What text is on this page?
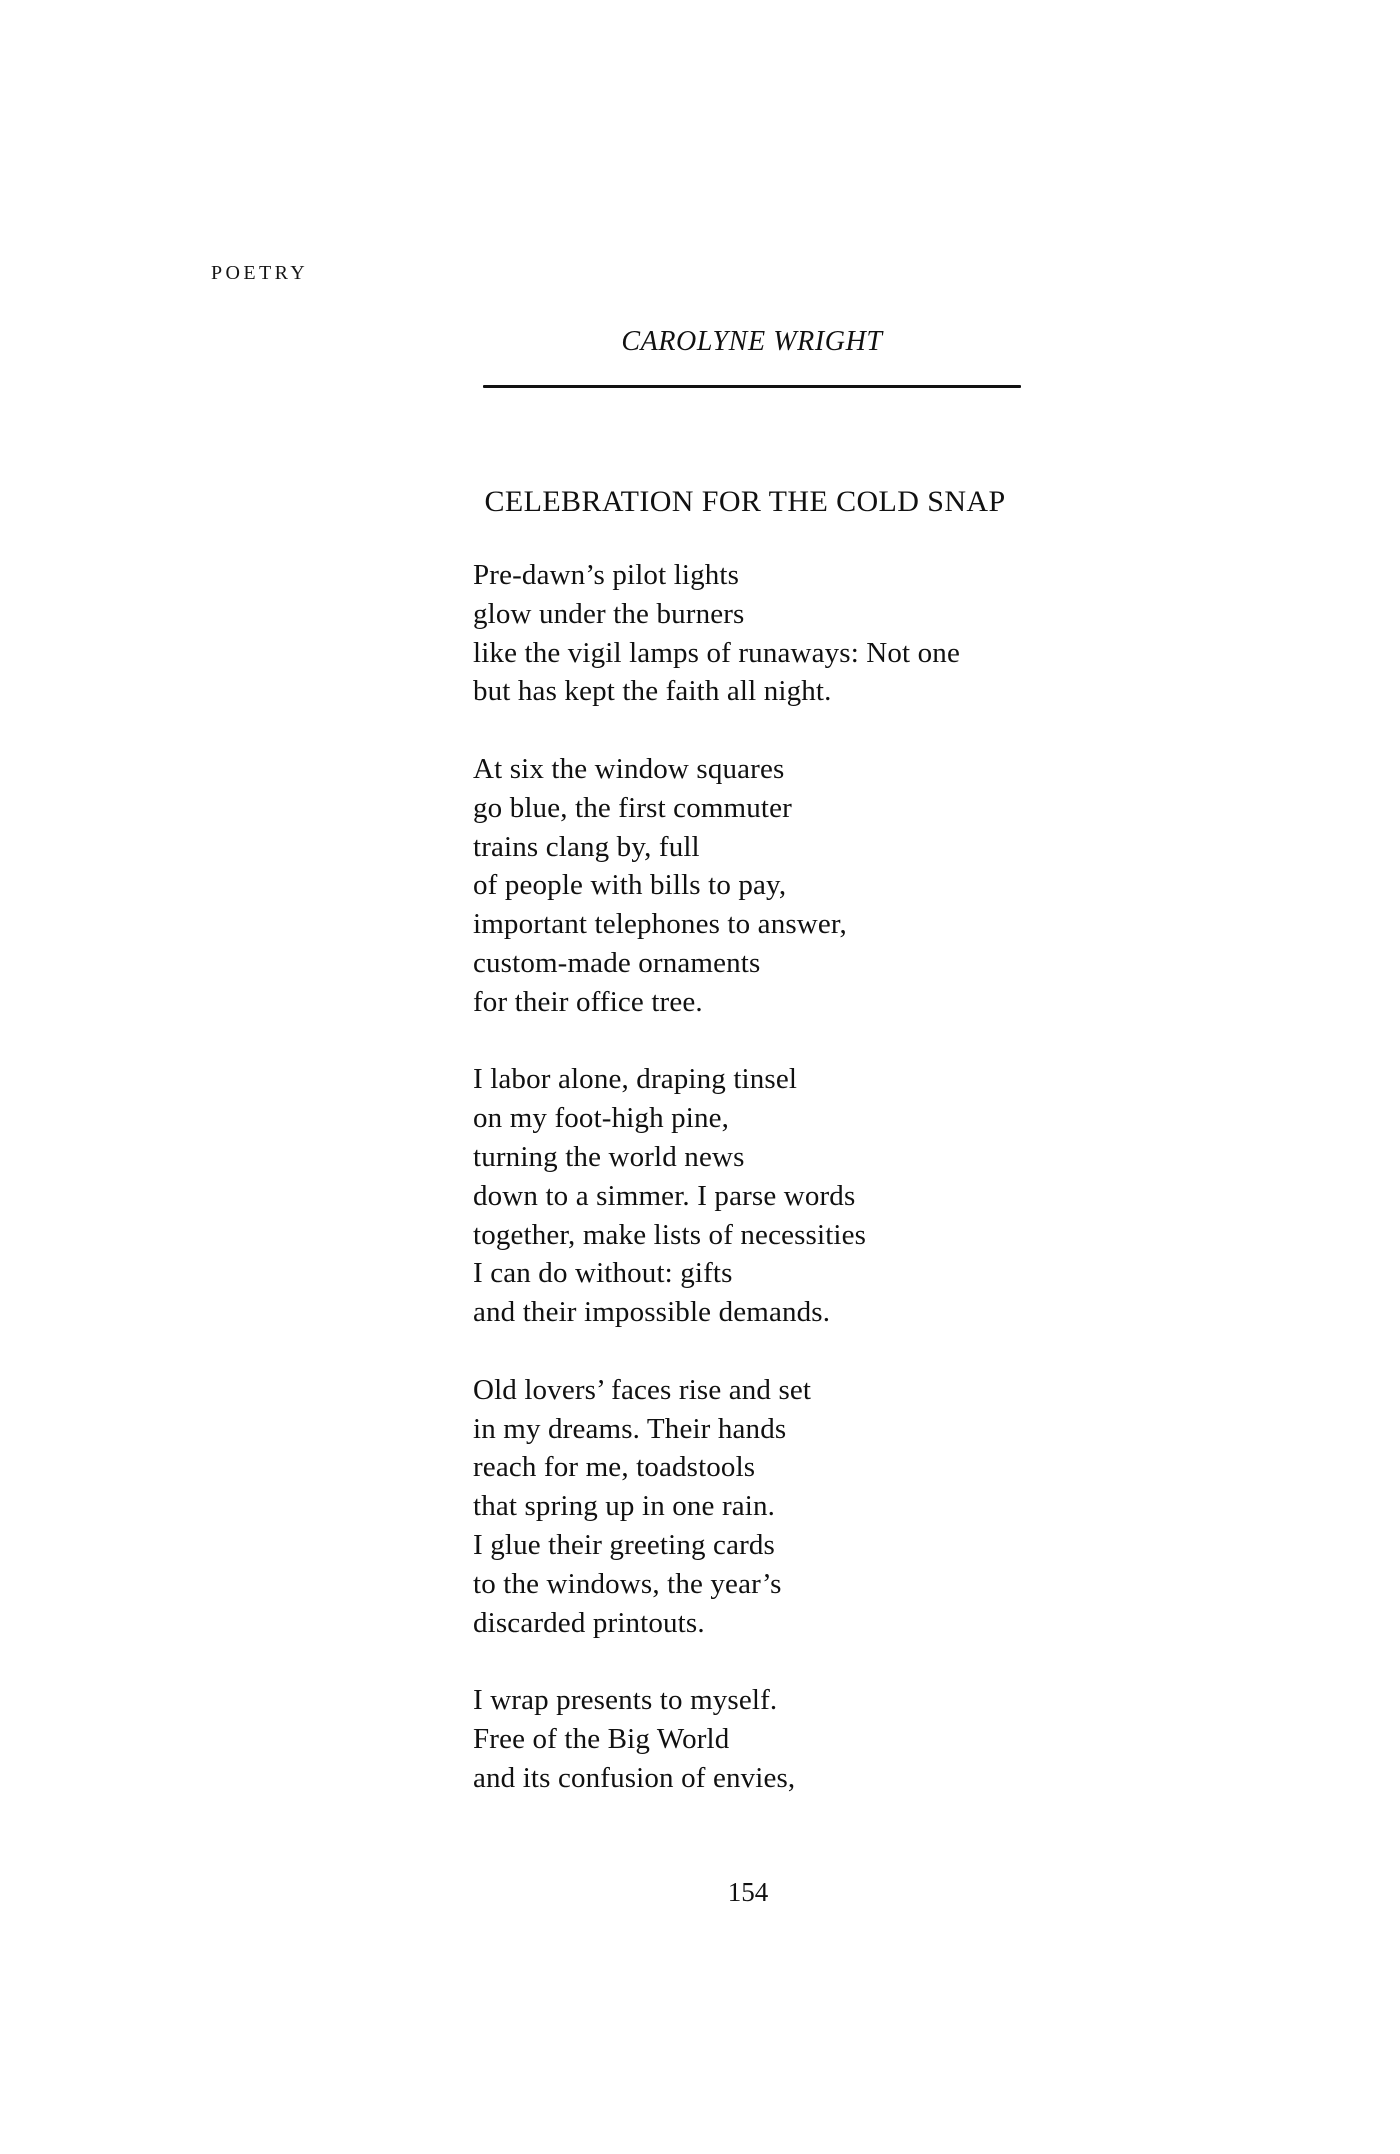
POETRY
CAROLYNE WRIGHT
CELEBRATION FOR THE COLD SNAP
Pre-dawn’s pilot lights
glow under the burners
like the vigil lamps of runaways: Not one
but has kept the faith all night.
At six the window squares
go blue, the first commuter
trains clang by, full
of people with bills to pay,
important telephones to answer,
custom-made ornaments
for their office tree.
I labor alone, draping tinsel
on my foot-high pine,
turning the world news
down to a simmer. I parse words
together, make lists of necessities
I can do without: gifts
and their impossible demands.
Old lovers’ faces rise and set
in my dreams. Their hands
reach for me, toadstools
that spring up in one rain.
I glue their greeting cards
to the windows, the year’s
discarded printouts.
I wrap presents to myself.
Free of the Big World
and its confusion of envies,
154
